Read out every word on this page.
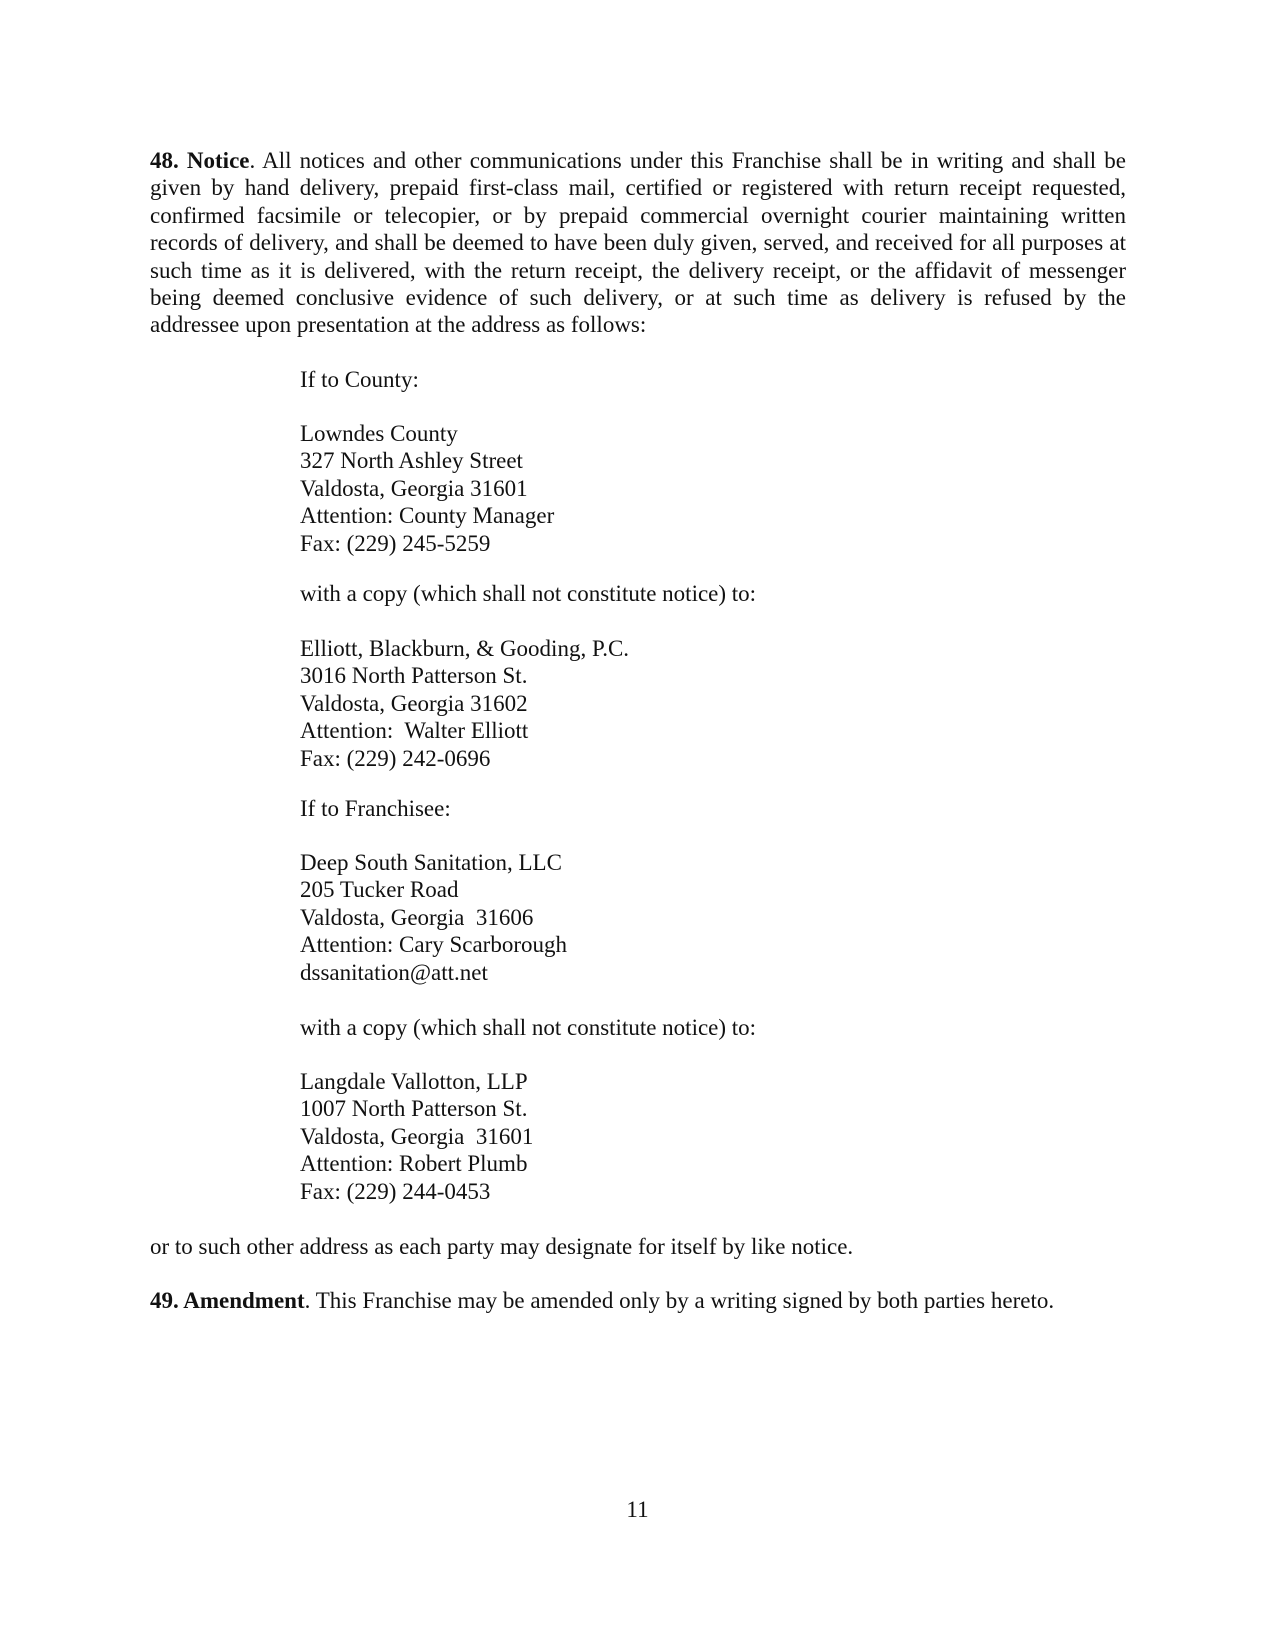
48. Notice. All notices and other communications under this Franchise shall be in writing and shall be given by hand delivery, prepaid first-class mail, certified or registered with return receipt requested, confirmed facsimile or telecopier, or by prepaid commercial overnight courier maintaining written records of delivery, and shall be deemed to have been duly given, served, and received for all purposes at such time as it is delivered, with the return receipt, the delivery receipt, or the affidavit of messenger being deemed conclusive evidence of such delivery, or at such time as delivery is refused by the addressee upon presentation at the address as follows:

If to County:

Lowndes County
327 North Ashley Street
Valdosta, Georgia 31601
Attention: County Manager
Fax: (229) 245-5259

with a copy (which shall not constitute notice) to:

Elliott, Blackburn, & Gooding, P.C.
3016 North Patterson St.
Valdosta, Georgia 31602
Attention:  Walter Elliott
Fax: (229) 242-0696

If to Franchisee:

Deep South Sanitation, LLC
205 Tucker Road
Valdosta, Georgia  31606
Attention: Cary Scarborough
dssanitation@att.net

with a copy (which shall not constitute notice) to:

Langdale Vallotton, LLP
1007 North Patterson St.
Valdosta, Georgia  31601
Attention: Robert Plumb
Fax: (229) 244-0453

or to such other address as each party may designate for itself by like notice.

49. Amendment. This Franchise may be amended only by a writing signed by both parties hereto.

11
